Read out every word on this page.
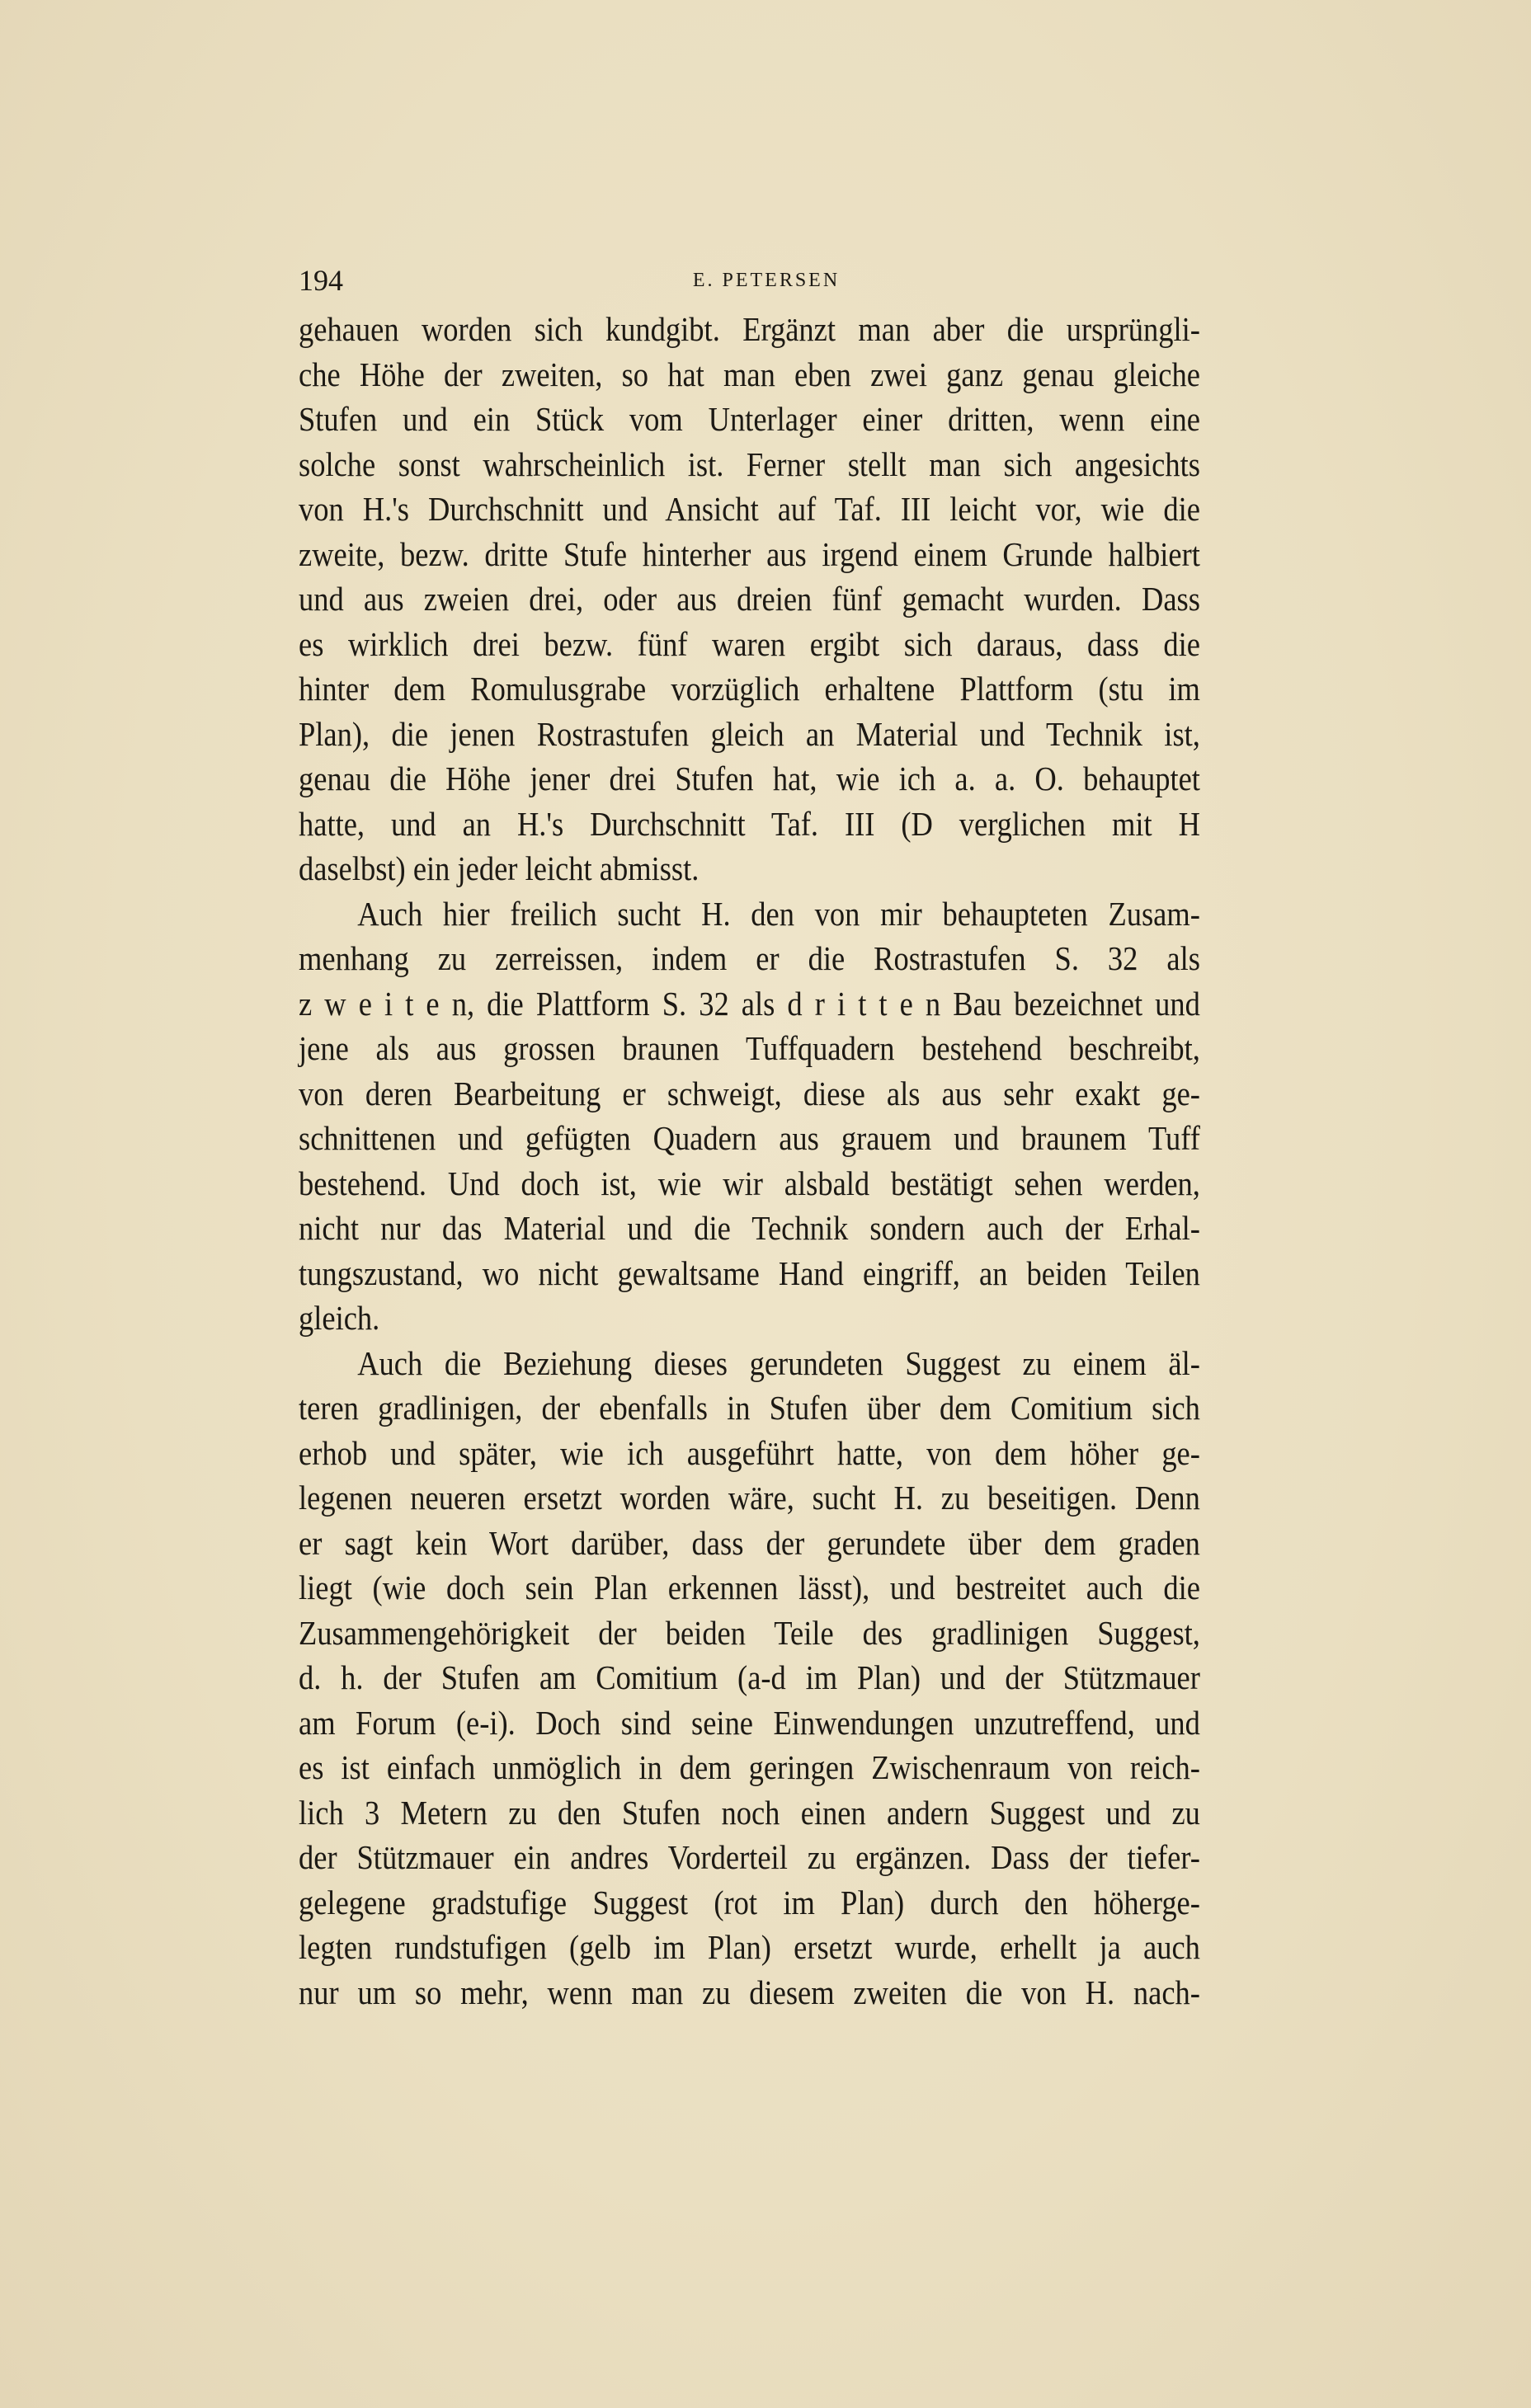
194	E. PETERSEN
gehauen worden sich kundgibt. Ergänzt man aber die ursprüngli-
che Höhe der zweiten, so hat man eben zwei ganz genau gleiche
Stufen und ein Stück vom Unterlager einer dritten, wenn eine
solche sonst wahrscheinlich ist. Ferner stellt man sich angesichts
von H.'s Durchschnitt und Ansicht auf Taf. III leicht vor, wie die
zweite, bezw. dritte Stufe hinterher aus irgend einem Grunde halbiert
und aus zweien drei, oder aus dreien fünf gemacht wurden. Dass
es wirklich drei bezw. fünf waren ergibt sich daraus, dass die
hinter dem Romulusgrabe vorzüglich erhaltene Plattform (stu im
Plan), die jenen Rostrastufen gleich an Material und Technik ist,
genau die Höhe jener drei Stufen hat, wie ich a. a. O. behauptet
hatte, und an H.'s Durchschnitt Taf. III (D verglichen mit H
daselbst) ein jeder leicht abmisst.
Auch hier freilich sucht H. den von mir behaupteten Zusam-
menhang zu zerreissen, indem er die Rostrastufen S. 32 als
z w e i t e n, die Plattform S. 32 als d r i t t e n Bau bezeichnet und
jene als aus grossen braunen Tuffquadern bestehend beschreibt,
von deren Bearbeitung er schweigt, diese als aus sehr exakt ge-
schnittenen und gefügten Quadern aus grauem und braunem Tuff
bestehend. Und doch ist, wie wir alsbald bestätigt sehen werden,
nicht nur das Material und die Technik sondern auch der Erhal-
tungszustand, wo nicht gewaltsame Hand eingriff, an beiden Teilen
gleich.
Auch die Beziehung dieses gerundeten Suggest zu einem äl-
teren gradlinigen, der ebenfalls in Stufen über dem Comitium sich
erhob und später, wie ich ausgeführt hatte, von dem höher ge-
legenen neueren ersetzt worden wäre, sucht H. zu beseitigen. Denn
er sagt kein Wort darüber, dass der gerundete über dem graden
liegt (wie doch sein Plan erkennen lässt), und bestreitet auch die
Zusammengehörigkeit der beiden Teile des gradlinigen Suggest,
d. h. der Stufen am Comitium (a-d im Plan) und der Stützmauer
am Forum (e-i). Doch sind seine Einwendungen unzutreffend, und
es ist einfach unmöglich in dem geringen Zwischenraum von reich-
lich 3 Metern zu den Stufen noch einen andern Suggest und zu
der Stützmauer ein andres Vorderteil zu ergänzen. Dass der tiefer-
gelegene gradstufige Suggest (rot im Plan) durch den höherge-
legten rundstufigen (gelb im Plan) ersetzt wurde, erhellt ja auch
nur um so mehr, wenn man zu diesem zweiten die von H. nach-
